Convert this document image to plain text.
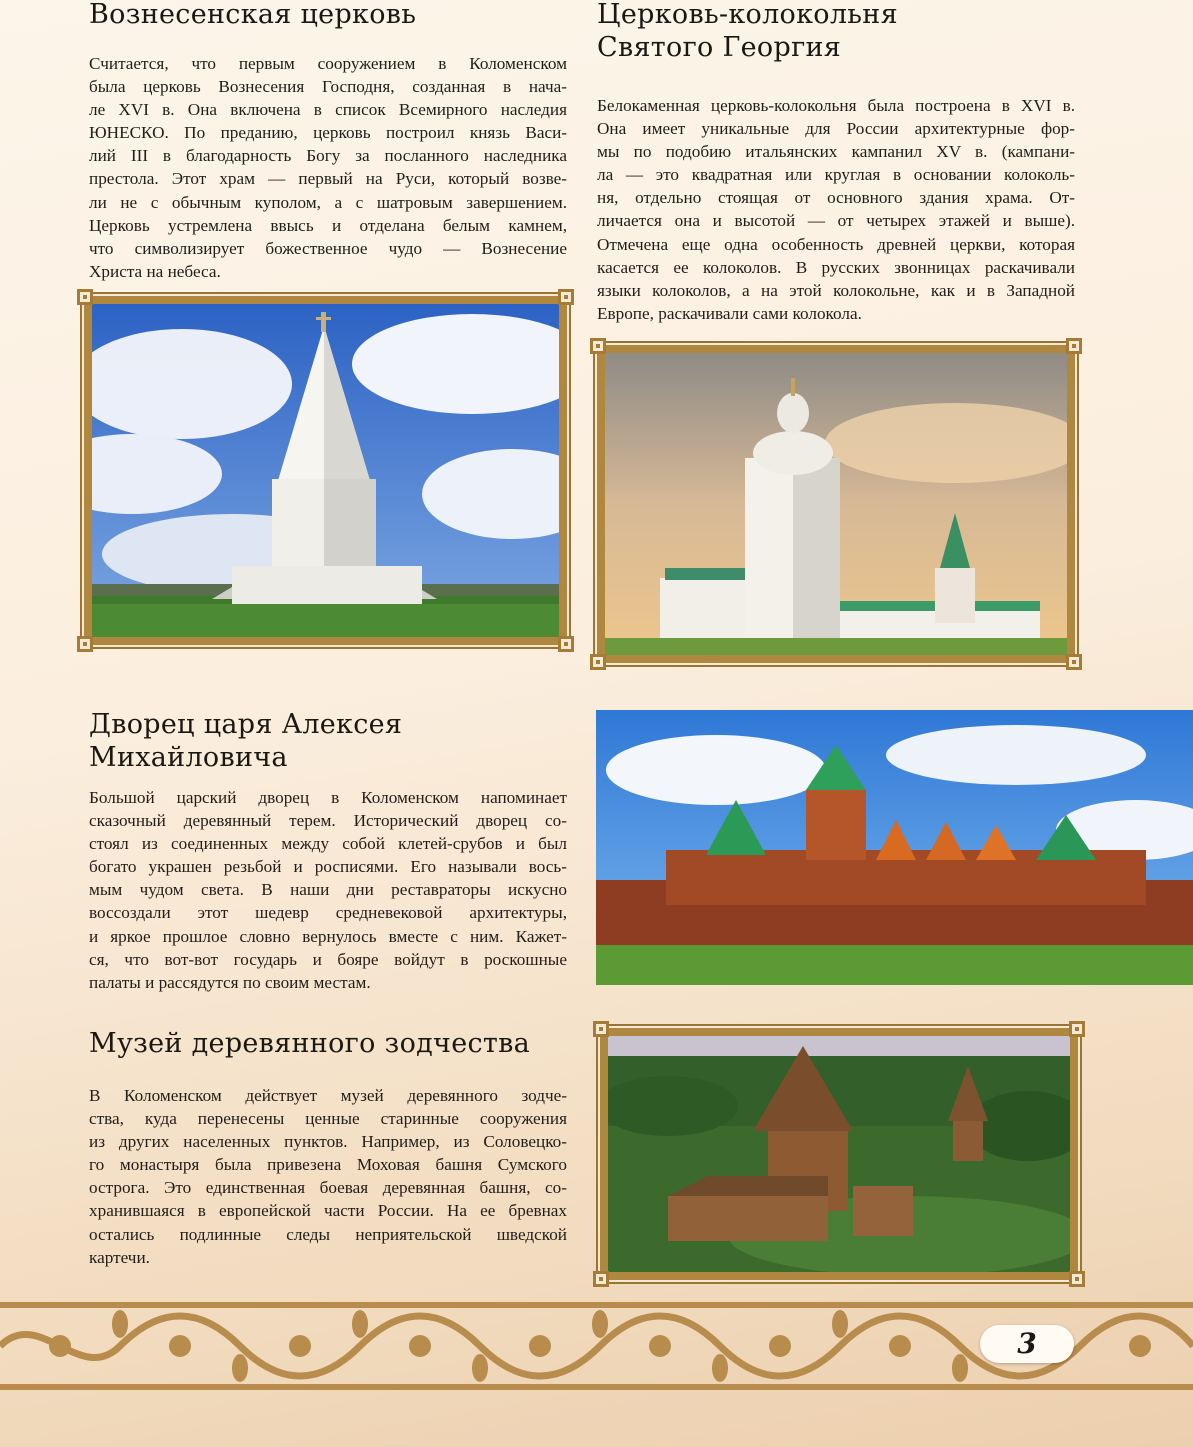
Вознесенская церковь

Считается, что первым сооружением в Коломенском
была церковь Вознесения Господня, созданная в нача-
ле XVI в. Она включена в список Всемирного наследия
ЮНЕСКО. По преданию, церковь построил князь Васи-
лий III в благодарность Богу за посланного наследника
престола. Этот храм — первый на Руси, который возве-
ли не с обычным куполом, а с шатровым завершением.
Церковь устремлена ввысь и отделана белым камнем,
что символизирует божественное чудо — Вознесение
Христа на небеса.

Церковь-колокольня
Святого Георгия

Белокаменная церковь-колокольня была построена в XVI в.
Она имеет уникальные для России архитектурные фор-
мы по подобию итальянских кампанил XV в. (кампани-
ла — это квадратная или круглая в основании колоколь-
ня, отдельно стоящая от основного здания храма. От-
личается она и высотой — от четырех этажей и выше).
Отмечена еще одна особенность древней церкви, которая
касается ее колоколов. В русских звонницах раскачивали
языки колоколов, а на этой колокольне, как и в Западной
Европе, раскачивали сами колокола.

Дворец царя Алексея
Михайловича

Большой царский дворец в Коломенском напоминает
сказочный деревянный терем. Исторический дворец со-
стоял из соединенных между собой клетей-срубов и был
богато украшен резьбой и росписями. Его называли вось-
мым чудом света. В наши дни реставраторы искусно
воссоздали этот шедевр средневековой архитектуры,
и яркое прошлое словно вернулось вместе с ним. Кажет-
ся, что вот-вот государь и бояре войдут в роскошные
палаты и рассядутся по своим местам.

Музей деревянного зодчества

В Коломенском действует музей деревянного зодче-
ства, куда перенесены ценные старинные сооружения
из других населенных пунктов. Например, из Соловецко-
го монастыря была привезена Моховая башня Сумского
острога. Это единственная боевая деревянная башня, со-
хранившаяся в европейской части России. На ее бревнах
остались подлинные следы неприятельской шведской
картечи.

3
